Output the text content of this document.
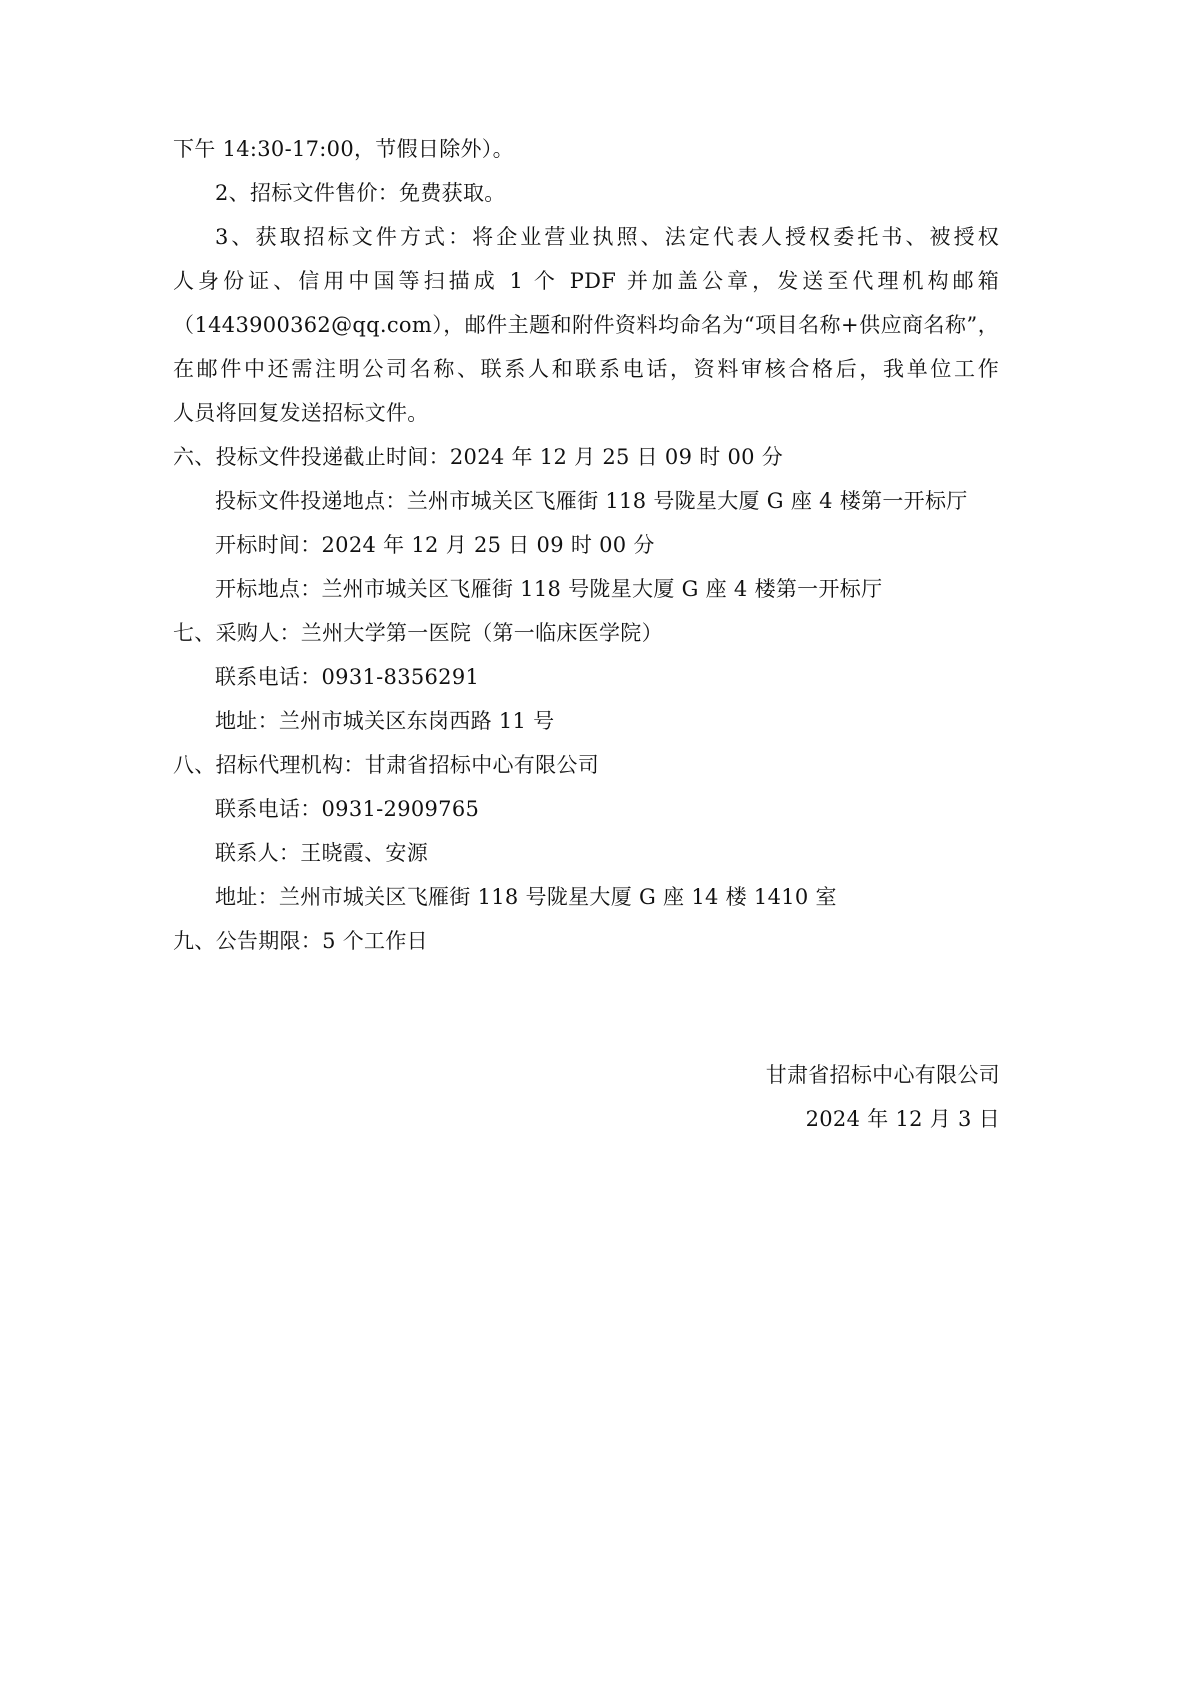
下午 14:30-17:00，节假日除外）。
2、招标文件售价：免费获取。
3、获取招标文件方式：将企业营业执照、法定代表人授权委托书、被授权
人身份证、信用中国等扫描成 1 个 PDF 并加盖公章，发送至代理机构邮箱
（1443900362@qq.com），邮件主题和附件资料均命名为“项目名称+供应商名称”，
在邮件中还需注明公司名称、联系人和联系电话，资料审核合格后，我单位工作
人员将回复发送招标文件。
六、投标文件投递截止时间：2024 年 12 月 25 日 09 时 00 分
投标文件投递地点：兰州市城关区飞雁街 118 号陇星大厦 G 座 4 楼第一开标厅
开标时间：2024 年 12 月 25 日 09 时 00 分
开标地点：兰州市城关区飞雁街 118 号陇星大厦 G 座 4 楼第一开标厅
七、采购人：兰州大学第一医院（第一临床医学院）
联系电话：0931-8356291
地址：兰州市城关区东岗西路 11 号
八、招标代理机构：甘肃省招标中心有限公司
联系电话：0931-2909765
联系人：王晓霞、安源
地址：兰州市城关区飞雁街 118 号陇星大厦 G 座 14 楼 1410 室
九、公告期限：5 个工作日
甘肃省招标中心有限公司
2024 年 12 月 3 日
